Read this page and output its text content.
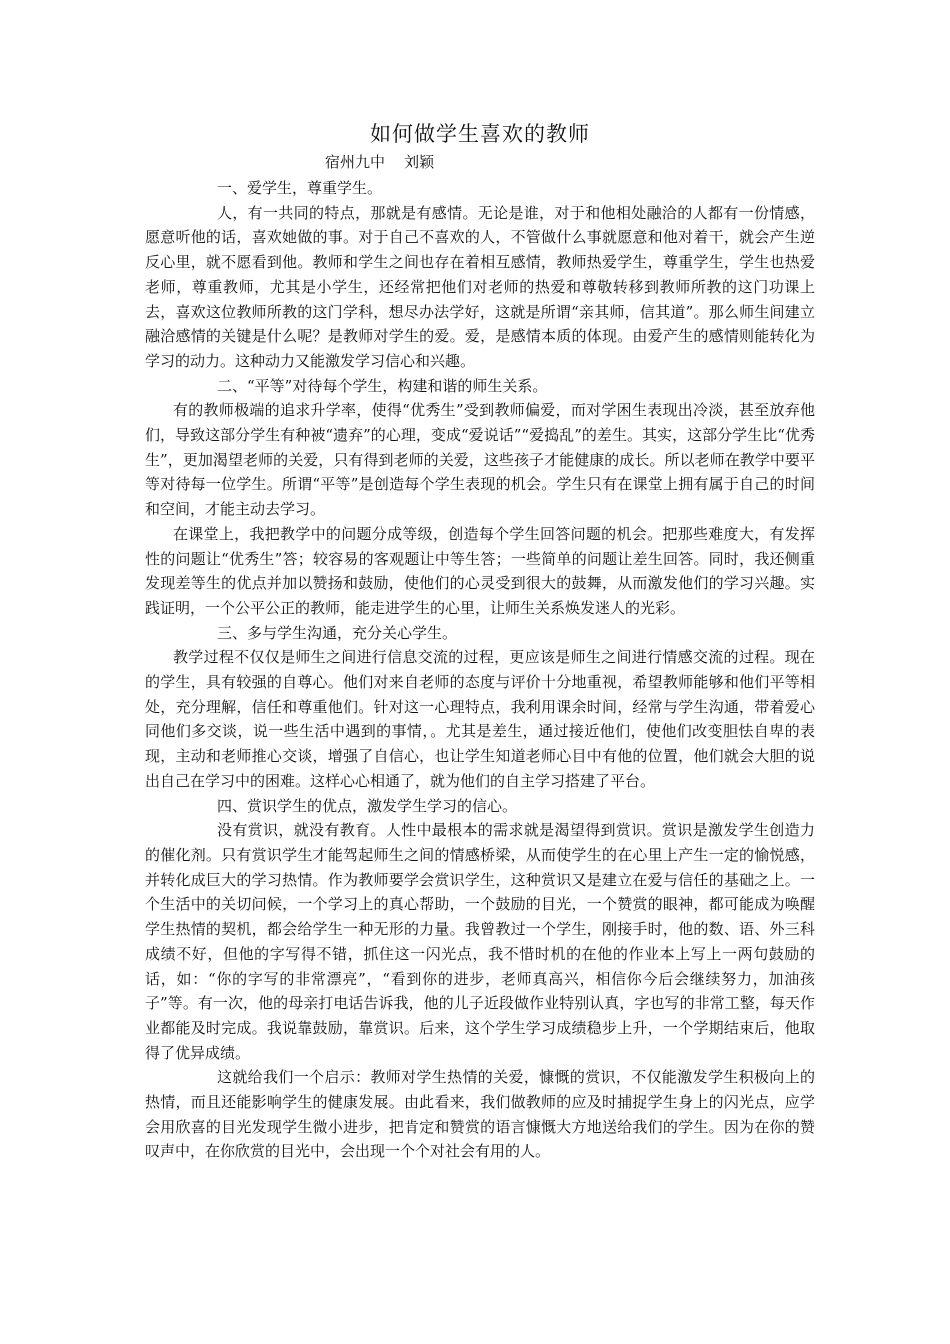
如何做学生喜欢的教师

宿州九中    刘颖

一、爱学生，尊重学生。

人，有一共同的特点，那就是有感情。无论是谁，对于和他相处融洽的人都有一份情感，愿意听他的话，喜欢她做的事。对于自己不喜欢的人，不管做什么事就愿意和他对着干，就会产生逆反心里，就不愿看到他。教师和学生之间也存在着相互感情，教师热爱学生，尊重学生，学生也热爱老师，尊重教师，尤其是小学生，还经常把他们对老师的热爱和尊敬转移到教师所教的这门功课上去，喜欢这位教师所教的这门学科，想尽办法学好，这就是所谓“亲其师，信其道”。那么师生间建立融洽感情的关键是什么呢？是教师对学生的爱。爱，是感情本质的体现。由爱产生的感情则能转化为学习的动力。这种动力又能激发学习信心和兴趣。

二、“平等”对待每个学生，构建和谐的师生关系。

有的教师极端的追求升学率，使得“优秀生”受到教师偏爱，而对学困生表现出冷淡，甚至放弃他们，导致这部分学生有种被“遗弃”的心理，变成“爱说话”“爱捣乱”的差生。其实，这部分学生比“优秀生”，更加渴望老师的关爱，只有得到老师的关爱，这些孩子才能健康的成长。所以老师在教学中要平等对待每一位学生。所谓“平等”是创造每个学生表现的机会。学生只有在课堂上拥有属于自己的时间和空间，才能主动去学习。

在课堂上，我把教学中的问题分成等级，创造每个学生回答问题的机会。把那些难度大，有发挥性的问题让“优秀生”答；较容易的客观题让中等生答；一些简单的问题让差生回答。同时，我还侧重发现差等生的优点并加以赞扬和鼓励，使他们的心灵受到很大的鼓舞，从而激发他们的学习兴趣。实践证明，一个公平公正的教师，能走进学生的心里，让师生关系焕发迷人的光彩。

三、多与学生沟通，充分关心学生。

教学过程不仅仅是师生之间进行信息交流的过程，更应该是师生之间进行情感交流的过程。现在的学生，具有较强的自尊心。他们对来自老师的态度与评价十分地重视，希望教师能够和他们平等相处，充分理解，信任和尊重他们。针对这一心理特点，我利用课余时间，经常与学生沟通，带着爱心同他们多交谈，说一些生活中遇到的事情，。尤其是差生，通过接近他们，使他们改变胆怯自卑的表现，主动和老师推心交谈，增强了自信心，也让学生知道老师心目中有他的位置，他们就会大胆的说出自己在学习中的困难。这样心心相通了，就为他们的自主学习搭建了平台。

四、赏识学生的优点，激发学生学习的信心。

没有赏识，就没有教育。人性中最根本的需求就是渴望得到赏识。赏识是激发学生创造力的催化剂。只有赏识学生才能驾起师生之间的情感桥梁，从而使学生的在心里上产生一定的愉悦感，并转化成巨大的学习热情。作为教师要学会赏识学生，这种赏识又是建立在爱与信任的基础之上。一个生活中的关切问候，一个学习上的真心帮助，一个鼓励的目光，一个赞赏的眼神，都可能成为唤醒学生热情的契机，都会给学生一种无形的力量。我曾教过一个学生，刚接手时，他的数、语、外三科成绩不好，但他的字写得不错，抓住这一闪光点，我不惜时机的在他的作业本上写上一两句鼓励的话，如：“你的字写的非常漂亮”，“看到你的进步，老师真高兴，相信你今后会继续努力，加油孩子”等。有一次，他的母亲打电话告诉我，他的儿子近段做作业特别认真，字也写的非常工整，每天作业都能及时完成。我说靠鼓励，靠赏识。后来，这个学生学习成绩稳步上升，一个学期结束后，他取得了优异成绩。

这就给我们一个启示：教师对学生热情的关爱，慷慨的赏识，不仅能激发学生积极向上的热情，而且还能影响学生的健康发展。由此看来，我们做教师的应及时捕捉学生身上的闪光点，应学会用欣喜的目光发现学生微小进步，把肯定和赞赏的语言慷慨大方地送给我们的学生。因为在你的赞叹声中，在你欣赏的目光中，会出现一个个对社会有用的人。
